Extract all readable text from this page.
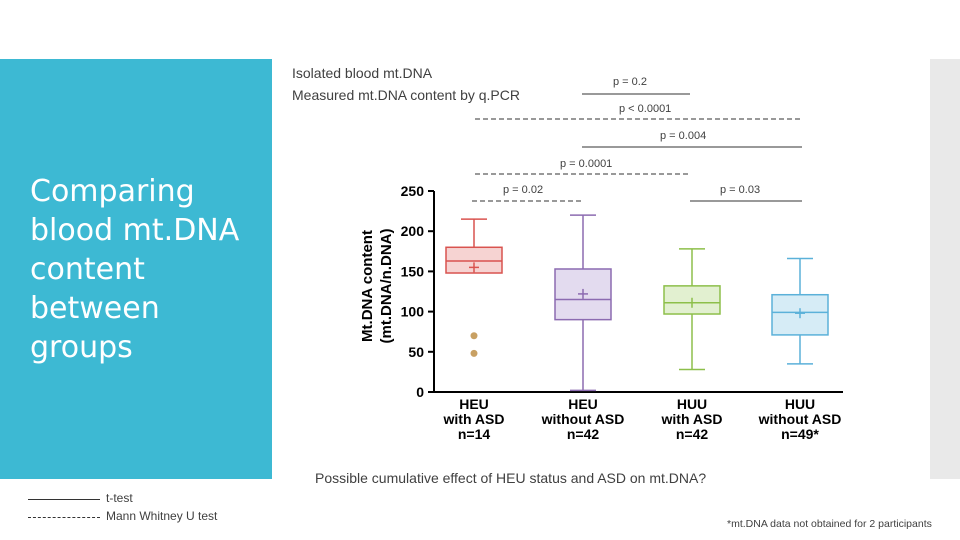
Comparing
blood mt.DNA
content
between
groups
Isolated blood mt.DNA
Measured mt.DNA content by q.PCR
p = 0.2
p < 0.0001
p = 0.004
p = 0.0001
p = 0.02	p = 0.03
0
50
100
150
200
250
Mt.DNA content (mt.DNA/n.DNA)
HEU
with ASD
n=14
HEU
without ASD
n=42
HUU
with ASD
n=42
HUU
without ASD
n=49*
Possible cumulative effect of HEU status and ASD on mt.DNA?
t-test
Mann Whitney U test
*mt.DNA data not obtained for 2 participants
